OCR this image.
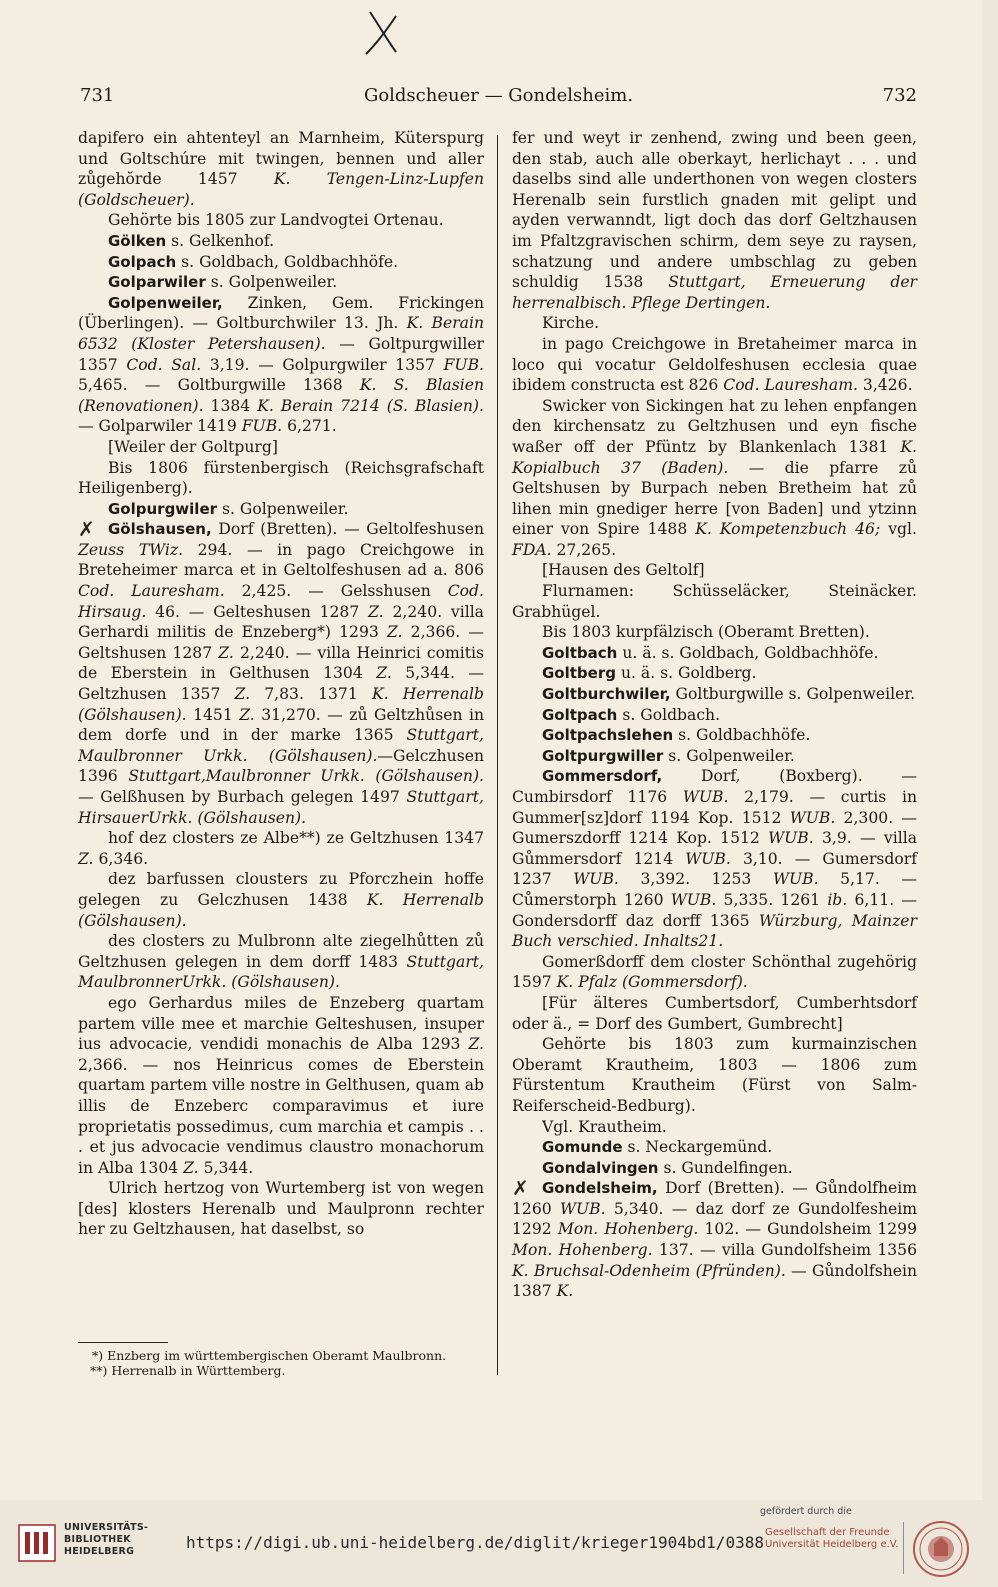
731	Goldscheuer — Gondelsheim.	732

dapifero ein ahtenteyl an Marnheim, Küterspurg und Goltschúre mit twingen, bennen und aller zůgehŏrde 1457 K. Tengen-Linz-Lupfen (Goldscheuer).

Gehörte bis 1805 zur Landvogtei Ortenau.

Gölken s. Gelkenhof.

Golpach s. Goldbach, Goldbachhöfe.

Golparwiler s. Golpenweiler.

Golpenweiler, Zinken, Gem. Frickingen (Überlingen). — Goltburchwiler 13. Jh. K. Berain 6532 (Kloster Petershausen). — Goltpurgwiller 1357 Cod. Sal. 3,19. — Golpurgwiler 1357 FUB. 5,465. — Goltburgwille 1368 K. S. Blasien (Renovationen). 1384 K. Berain 7214 (S. Blasien). — Golparwiler 1419 FUB. 6,271.

[Weiler der Goltpurg]

Bis 1806 fürstenbergisch (Reichsgrafschaft Heiligenberg).

Golpurgwiler s. Golpenweiler.

✗ Gölshausen, Dorf (Bretten). — Geltolfeshusen Zeuss TWiz. 294. — in pago Creichgowe in Breteheimer marca et in Geltolfeshusen ad a. 806 Cod. Lauresham. 2,425. — Gelsshusen Cod. Hirsaug. 46. — Gelteshusen 1287 Z. 2,240. villa Gerhardi militis de Enzeberg*) 1293 Z. 2,366. — Geltshusen 1287 Z. 2,240. — villa Heinrici comitis de Eberstein in Gelthusen 1304 Z. 5,344. — Geltzhusen 1357 Z. 7,83. 1371 K. Herrenalb (Gölshausen). 1451 Z. 31,270. — zů Geltzhůsen in dem dorfe und in der marke 1365 Stuttgart, Maulbronner Urkk. (Gölshausen).—Gelczhusen 1396 Stuttgart,Maulbronner Urkk. (Gölshausen). — Gelßhusen by Burbach gelegen 1497 Stuttgart, HirsauerUrkk. (Gölshausen).

hof dez closters ze Albe**) ze Geltzhusen 1347 Z. 6,346.

dez barfussen clousters zu Pforczhein hoffe gelegen zu Gelczhusen 1438 K. Herrenalb (Gölshausen).

des closters zu Mulbronn alte ziegelhůtten zů Geltzhusen gelegen in dem dorff 1483 Stuttgart, MaulbronnerUrkk. (Gölshausen).

ego Gerhardus miles de Enzeberg quartam partem ville mee et marchie Gelteshusen, insuper ius advocacie, vendidi monachis de Alba 1293 Z. 2,366. — nos Heinricus comes de Eberstein quartam partem ville nostre in Gelthusen, quam ab illis de Enzeberc comparavimus et iure proprietatis possedimus, cum marchia et campis . . . et jus advocacie vendimus claustro monachorum in Alba 1304 Z. 5,344.

Ulrich hertzog von Wurtemberg ist von wegen [des] klosters Herenalb und Maulpronn rechter her zu Geltzhausen, hat daselbst, so

fer und weyt ir zenhend, zwing und been geen, den stab, auch alle oberkayt, herlichayt . . . und daselbs sind alle underthonen von wegen closters Herenalb sein furstlich gnaden mit gelipt und ayden verwanndt, ligt doch das dorf Geltzhausen im Pfaltzgravischen schirm, dem seye zu raysen, schatzung und andere umbschlag zu geben schuldig 1538 Stuttgart, Erneuerung der herrenalbisch. Pflege Dertingen.

Kirche.

in pago Creichgowe in Bretaheimer marca in loco qui vocatur Geldolfeshusen ecclesia quae ibidem constructa est 826 Cod. Lauresham. 3,426.

Swicker von Sickingen hat zu lehen enpfangen den kirchensatz zu Geltzhusen und eyn fische waßer off der Pfüntz by Blankenlach 1381 K. Kopialbuch 37 (Baden). — die pfarre zů Geltshusen by Burpach neben Bretheim hat zů lihen min gnediger herre [von Baden] und ytzinn einer von Spire 1488 K. Kompetenzbuch 46; vgl. FDA. 27,265.

[Hausen des Geltolf]

Flurnamen: Schüsseläcker, Steinäcker. Grabhügel.

Bis 1803 kurpfälzisch (Oberamt Bretten).

Goltbach u. ä. s. Goldbach, Goldbachhöfe.

Goltberg u. ä. s. Goldberg.

Goltburchwiler, Goltburgwille s. Golpenweiler.

Goltpach s. Goldbach.

Goltpachslehen s. Goldbachhöfe.

Goltpurgwiller s. Golpenweiler.

Gommersdorf, Dorf, (Boxberg). — Cumbirsdorf 1176 WUB. 2,179. — curtis in Gummer[sz]dorf 1194 Kop. 1512 WUB. 2,300. — Gumerszdorff 1214 Kop. 1512 WUB. 3,9. — villa Gůmmersdorf 1214 WUB. 3,10. — Gumersdorf 1237 WUB. 3,392. 1253 WUB. 5,17. — Cůmerstorph 1260 WUB. 5,335. 1261 ib. 6,11. — Gondersdorff daz dorff 1365 Würzburg, Mainzer Buch verschied. Inhalts21.

Gomerßdorff dem closter Schönthal zugehörig 1597 K. Pfalz (Gommersdorf).

[Für älteres Cumbertsdorf, Cumberhtsdorf oder ä., = Dorf des Gumbert, Gumbrecht]

Gehörte bis 1803 zum kurmainzischen Oberamt Krautheim, 1803 — 1806 zum Fürstentum Krautheim (Fürst von Salm-Reiferscheid-Bedburg).

Vgl. Krautheim.

Gomunde s. Neckargemünd.

Gondalvingen s. Gundelfingen.

✗ Gondelsheim, Dorf (Bretten). — Gůndolfheim 1260 WUB. 5,340. — daz dorf ze Gundolfesheim 1292 Mon. Hohenberg. 102. — Gundolsheim 1299 Mon. Hohenberg. 137. — villa Gundolfsheim 1356 K. Bruchsal-Odenheim (Pfründen). — Gůndolfshein 1387 K.

*) Enzberg im württembergischen Oberamt Maulbronn.

**) Herrenalb in Württemberg.

UNIVERSITÄTS-
BIBLIOTHEK
HEIDELBERG	https://digi.ub.uni-heidelberg.de/diglit/krieger1904bd1/0388
gefördert durch die
Gesellschaft der Freunde
Universität Heidelberg e.V.
